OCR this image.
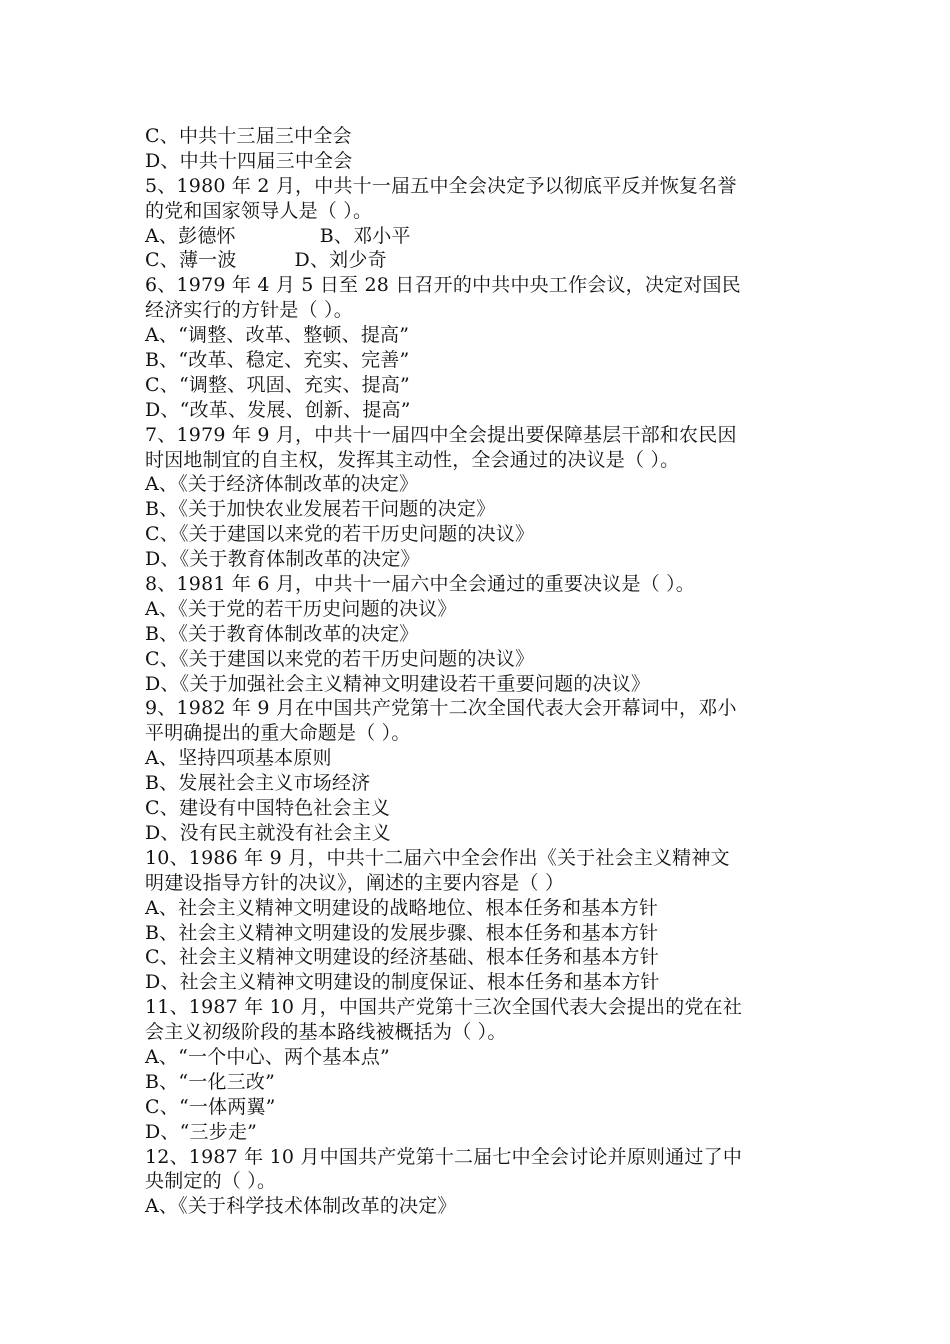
C、中共十三届三中全会
D、中共十四届三中全会
5、1980 年 2 月，中共十一届五中全会决定予以彻底平反并恢复名誉
的党和国家领导人是（ ）。
A、彭德怀	B、邓小平
C、薄一波	D、刘少奇
6、1979 年 4 月 5 日至 28 日召开的中共中央工作会议，决定对国民
经济实行的方针是（ ）。
A、“调整、改革、整顿、提高”
B、“改革、稳定、充实、完善”
C、“调整、巩固、充实、提高”
D、“改革、发展、创新、提高”
7、1979 年 9 月，中共十一届四中全会提出要保障基层干部和农民因
时因地制宜的自主权，发挥其主动性，全会通过的决议是（ ）。
A、《关于经济体制改革的决定》
B、《关于加快农业发展若干问题的决定》
C、《关于建国以来党的若干历史问题的决议》
D、《关于教育体制改革的决定》
8、1981 年 6 月，中共十一届六中全会通过的重要决议是（ ）。
A、《关于党的若干历史问题的决议》
B、《关于教育体制改革的决定》
C、《关于建国以来党的若干历史问题的决议》
D、《关于加强社会主义精神文明建设若干重要问题的决议》
9、1982 年 9 月在中国共产党第十二次全国代表大会开幕词中，邓小
平明确提出的重大命题是（ ）。
A、坚持四项基本原则
B、发展社会主义市场经济
C、建设有中国特色社会主义
D、没有民主就没有社会主义
10、1986 年 9 月，中共十二届六中全会作出《关于社会主义精神文
明建设指导方针的决议》，阐述的主要内容是（ ）
A、社会主义精神文明建设的战略地位、根本任务和基本方针
B、社会主义精神文明建设的发展步骤、根本任务和基本方针
C、社会主义精神文明建设的经济基础、根本任务和基本方针
D、社会主义精神文明建设的制度保证、根本任务和基本方针
11、1987 年 10 月，中国共产党第十三次全国代表大会提出的党在社
会主义初级阶段的基本路线被概括为（ ）。
A、“一个中心、两个基本点”
B、“一化三改”
C、“一体两翼”
D、“三步走”
12、1987 年 10 月中国共产党第十二届七中全会讨论并原则通过了中
央制定的（ ）。
A、《关于科学技术体制改革的决定》
